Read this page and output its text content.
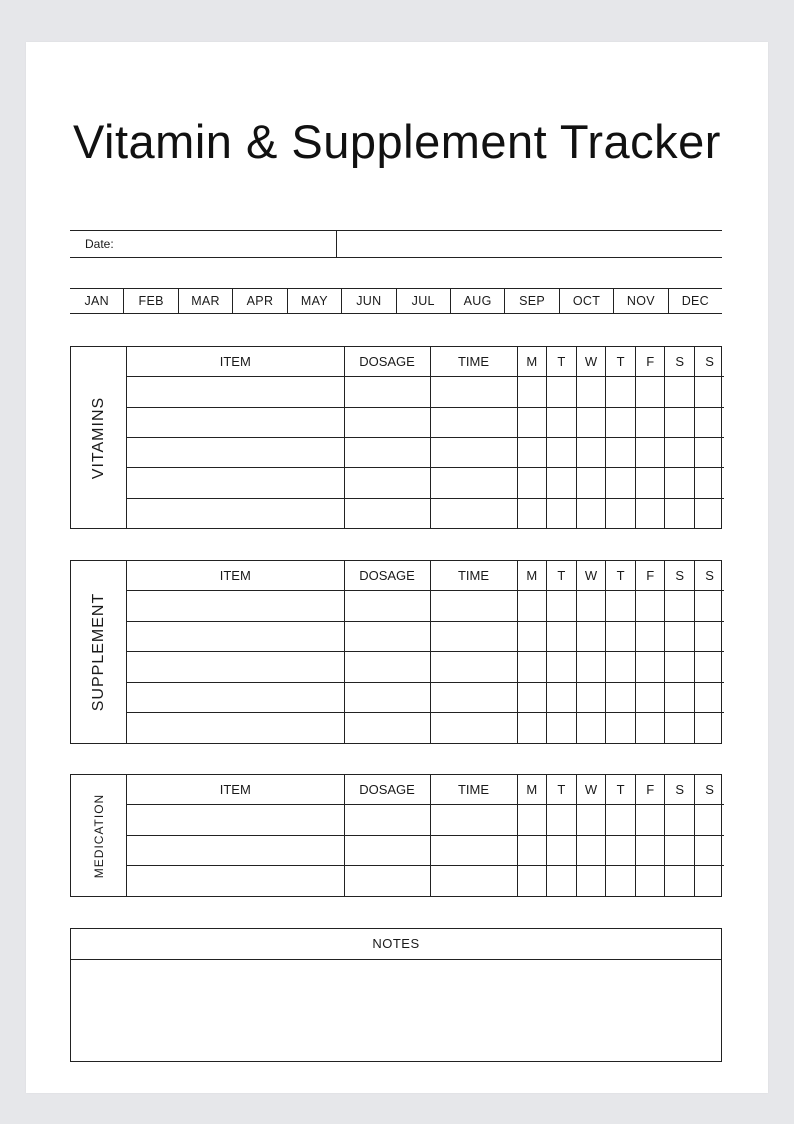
Vitamin & Supplement Tracker
Date:
JAN	FEB	MAR	APR	MAY	JUN	JUL	AUG	SEP	OCT	NOV	DEC
VITAMINS
ITEM	DOSAGE	TIME	M	T	W	T	F	S	S

SUPPLEMENT
ITEM	DOSAGE	TIME	M	T	W	T	F	S	S

MEDICATION
ITEM	DOSAGE	TIME	M	T	W	T	F	S	S

NOTES
